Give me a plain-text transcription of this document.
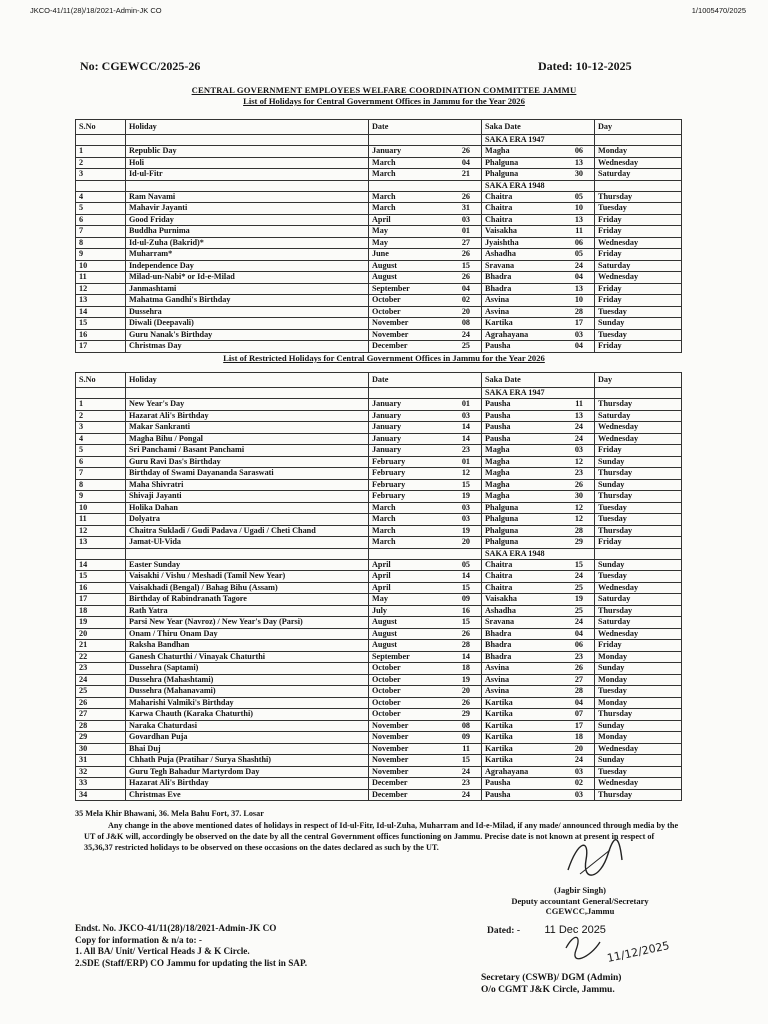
JKCO-41/11(28)/18/2021-Admin-JK CO	1/1005470/2025
No: CGEWCC/2025-26	Dated: 10-12-2025
CENTRAL GOVERNMENT EMPLOYEES WELFARE COORDINATION COMMITTEE JAMMU
List of Holidays for Central Government Offices in Jammu for the Year 2026
S.No	Holiday	Date	Saka Date	Day
			SAKA ERA 1947	
1	Republic Day	January 26	Magha 06	Monday
2	Holi	March 04	Phalguna 13	Wednesday
3	Id-ul-Fitr	March 21	Phalguna 30	Saturday
			SAKA ERA 1948	
4	Ram Navami	March 26	Chaitra 05	Thursday
5	Mahavir Jayanti	March 31	Chaitra 10	Tuesday
6	Good Friday	April 03	Chaitra 13	Friday
7	Buddha Purnima	May 01	Vaisakha 11	Friday
8	Id-ul-Zuha (Bakrid)*	May 27	Jyaishtha 06	Wednesday
9	Muharram*	June 26	Ashadha 05	Friday
10	Independence Day	August 15	Sravana 24	Saturday
11	Milad-un-Nabi* or Id-e-Milad	August 26	Bhadra 04	Wednesday
12	Janmashtami	September 04	Bhadra 13	Friday
13	Mahatma Gandhi's Birthday	October 02	Asvina 10	Friday
14	Dussehra	October 20	Asvina 28	Tuesday
15	Diwali (Deepavali)	November 08	Kartika 17	Sunday
16	Guru Nanak's Birthday	November 24	Agrahayana 03	Tuesday
17	Christmas Day	December 25	Pausha 04	Friday
List of Restricted Holidays for Central Government Offices in Jammu for the Year 2026
S.No	Holiday	Date	Saka Date	Day
			SAKA ERA 1947	
1	New Year's Day	January 01	Pausha 11	Thursday
2	Hazarat Ali's Birthday	January 03	Pausha 13	Saturday
3	Makar Sankranti	January 14	Pausha 24	Wednesday
4	Magha Bihu / Pongal	January 14	Pausha 24	Wednesday
5	Sri Panchami / Basant Panchami	January 23	Magha 03	Friday
6	Guru Ravi Das's Birthday	February 01	Magha 12	Sunday
7	Birthday of Swami Dayananda Saraswati	February 12	Magha 23	Thursday
8	Maha Shivratri	February 15	Magha 26	Sunday
9	Shivaji Jayanti	February 19	Magha 30	Thursday
10	Holika Dahan	March 03	Phalguna 12	Tuesday
11	Dolyatra	March 03	Phalguna 12	Tuesday
12	Chaitra Sukladi / Gudi Padava / Ugadi / Cheti Chand	March 19	Phalguna 28	Thursday
13	Jamat-Ul-Vida	March 20	Phalguna 29	Friday
			SAKA ERA 1948	
14	Easter Sunday	April 05	Chaitra 15	Sunday
15	Vaisakhi / Vishu / Meshadi (Tamil New Year)	April 14	Chaitra 24	Tuesday
16	Vaisakhadi (Bengal) / Bahag Bihu (Assam)	April 15	Chaitra 25	Wednesday
17	Birthday of Rabindranath Tagore	May 09	Vaisakha 19	Saturday
18	Rath Yatra	July 16	Ashadha 25	Thursday
19	Parsi New Year (Navroz) / New Year's Day (Parsi)	August 15	Sravana 24	Saturday
20	Onam / Thiru Onam Day	August 26	Bhadra 04	Wednesday
21	Raksha Bandhan	August 28	Bhadra 06	Friday
22	Ganesh Chaturthi / Vinayak Chaturthi	September 14	Bhadra 23	Monday
23	Dussehra (Saptami)	October 18	Asvina 26	Sunday
24	Dussehra (Mahashtami)	October 19	Asvina 27	Monday
25	Dussehra (Mahanavami)	October 20	Asvina 28	Tuesday
26	Maharishi Valmiki's Birthday	October 26	Kartika 04	Monday
27	Karwa Chauth (Karaka Chaturthi)	October 29	Kartika 07	Thursday
28	Naraka Chaturdasi	November 08	Kartika 17	Sunday
29	Govardhan Puja	November 09	Kartika 18	Monday
30	Bhai Duj	November 11	Kartika 20	Wednesday
31	Chhath Puja (Pratihar / Surya Shashthi)	November 15	Kartika 24	Sunday
32	Guru Tegh Bahadur Martyrdom Day	November 24	Agrahayana 03	Tuesday
33	Hazarat Ali's Birthday	December 23	Pausha 02	Wednesday
34	Christmas Eve	December 24	Pausha 03	Thursday
35 Mela Khir Bhawani, 36. Mela Bahu Fort, 37. Losar
Any change in the above mentioned dates of holidays in respect of Id-ul-Fitr, Id-ul-Zuha, Muharram and Id-e-Milad, if any made/ announced through media by the UT of J&K will, accordingly be observed on the date by all the central Government offices functioning on Jammu. Precise date is not known at present in respect of 35,36,37 restricted holidays to be observed on these occasions on the dates declared as such by the UT.
(Jagbir Singh)
Deputy accountant General/Secretary
CGEWCC,Jammu
Endst. No. JKCO-41/11(28)/18/2021-Admin-JK CO
Copy for information & n/a to: -
1. All BA/ Unit/ Vertical Heads J & K Circle.
2.SDE (Staff/ERP) CO Jammu for updating the list in SAP.
Dated: - 11 Dec 2025
11/12/2025
Secretary (CSWB)/ DGM (Admin)
O/o CGMT J&K Circle, Jammu.
